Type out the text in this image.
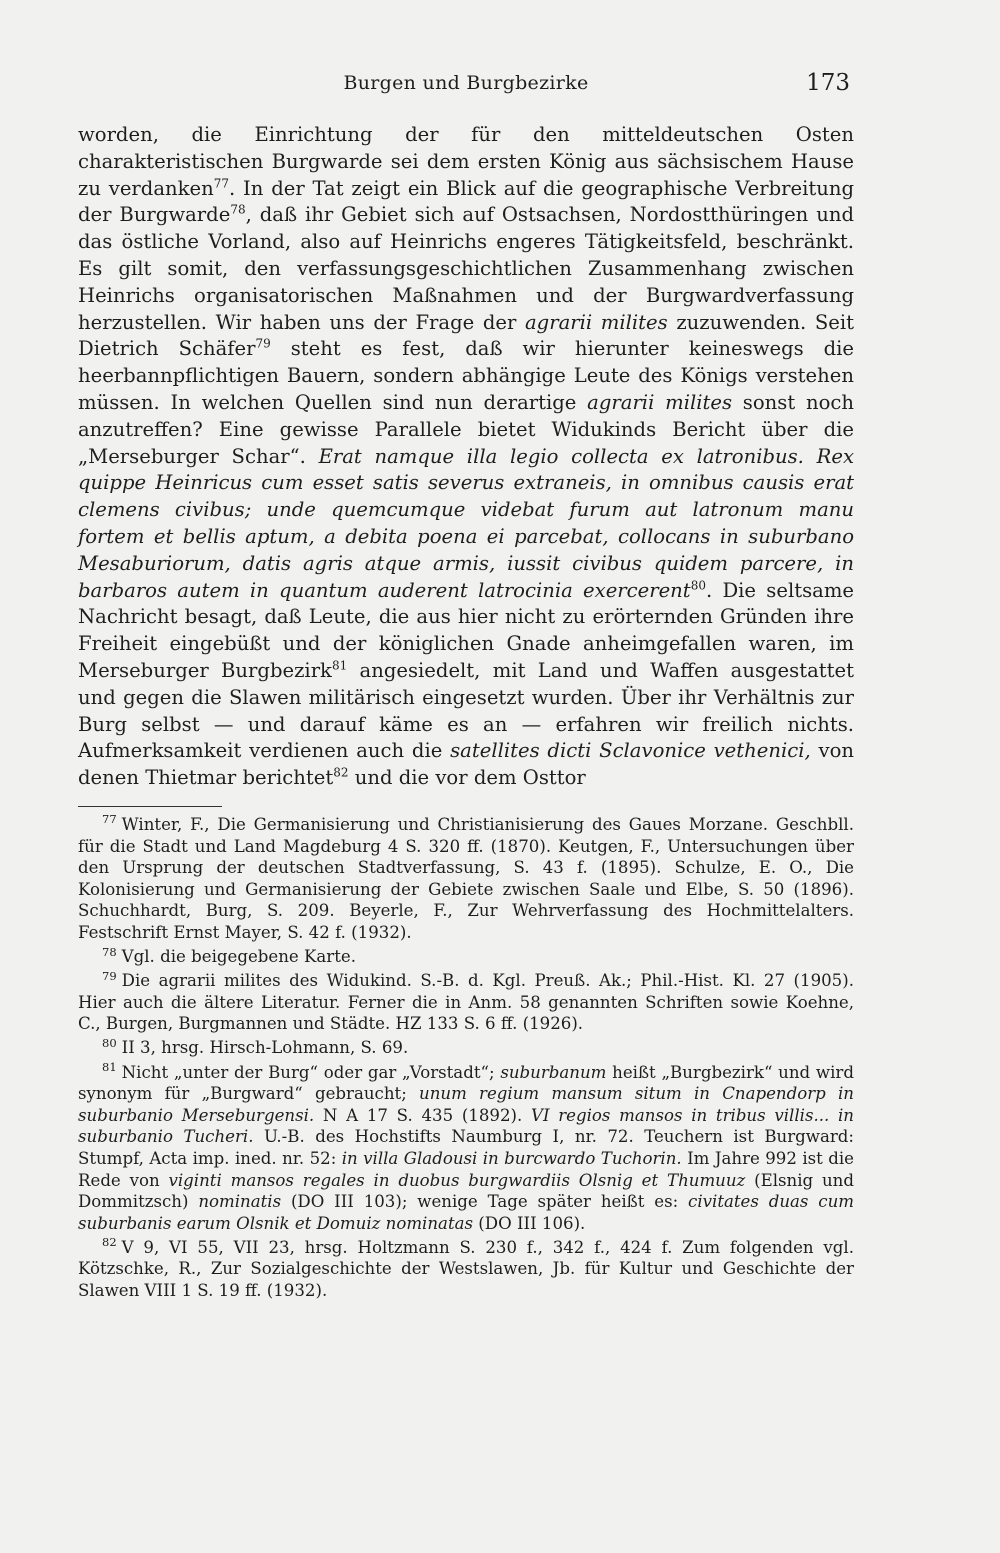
Burgen und Burgbezirke	173

worden, die Einrichtung der für den mitteldeutschen Osten charakteristischen Burgwarde sei dem ersten König aus sächsischem Hause zu verdanken$^{77}$. In der Tat zeigt ein Blick auf die geographische Verbreitung der Burgwarde$^{78}$, daß ihr Gebiet sich auf Ostsachsen, Nordostthüringen und das östliche Vorland, also auf Heinrichs engeres Tätigkeitsfeld, beschränkt. Es gilt somit, den verfassungsgeschichtlichen Zusammenhang zwischen Heinrichs organisatorischen Maßnahmen und der Burgwardverfassung herzustellen. Wir haben uns der Frage der agrarii milites zuzuwenden. Seit Dietrich Schäfer$^{79}$ steht es fest, daß wir hierunter keineswegs die heerbannpflichtigen Bauern, sondern abhängige Leute des Königs verstehen müssen. In welchen Quellen sind nun derartige agrarii milites sonst noch anzutreffen? Eine gewisse Parallele bietet Widukinds Bericht über die „Merseburger Schar“. Erat namque illa legio collecta ex latronibus. Rex quippe Heinricus cum esset satis severus extraneis, in omnibus causis erat clemens civibus; unde quemcumque videbat furum aut latronum manu fortem et bellis aptum, a debita poena ei parcebat, collocans in suburbano Mesaburiorum, datis agris atque armis, iussit civibus quidem parcere, in barbaros autem in quantum auderent latrocinia exercerent$^{80}$. Die seltsame Nachricht besagt, daß Leute, die aus hier nicht zu erörternden Gründen ihre Freiheit eingebüßt und der königlichen Gnade anheimgefallen waren, im Merseburger Burgbezirk$^{81}$ angesiedelt, mit Land und Waffen ausgestattet und gegen die Slawen militärisch eingesetzt wurden. Über ihr Verhältnis zur Burg selbst — und darauf käme es an — erfahren wir freilich nichts. Aufmerksamkeit verdienen auch die satellites dicti Sclavonice vethenici, von denen Thietmar berichtet$^{82}$ und die vor dem Osttor

$^{77}$ Winter, F., Die Germanisierung und Christianisierung des Gaues Morzane. Geschbll. für die Stadt und Land Magdeburg 4 S. 320 ff. (1870). Keutgen, F., Untersuchungen über den Ursprung der deutschen Stadtverfassung, S. 43 f. (1895). Schulze, E. O., Die Kolonisierung und Germanisierung der Gebiete zwischen Saale und Elbe, S. 50 (1896). Schuchhardt, Burg, S. 209. Beyerle, F., Zur Wehrverfassung des Hochmittelalters. Festschrift Ernst Mayer, S. 42 f. (1932).

$^{78}$ Vgl. die beigegebene Karte.

$^{79}$ Die agrarii milites des Widukind. S.-B. d. Kgl. Preuß. Ak.; Phil.-Hist. Kl. 27 (1905). Hier auch die ältere Literatur. Ferner die in Anm. 58 genannten Schriften sowie Koehne, C., Burgen, Burgmannen und Städte. HZ 133 S. 6 ff. (1926).

$^{80}$ II 3, hrsg. Hirsch-Lohmann, S. 69.

$^{81}$ Nicht „unter der Burg“ oder gar „Vorstadt“; suburbanum heißt „Burgbezirk“ und wird synonym für „Burgward“ gebraucht; unum regium mansum situm in Cnapendorp in suburbanio Merseburgensi. N A 17 S. 435 (1892). VI regios mansos in tribus villis... in suburbanio Tucheri. U.-B. des Hochstifts Naumburg I, nr. 72. Teuchern ist Burgward: Stumpf, Acta imp. ined. nr. 52: in villa Gladousi in burcwardo Tuchorin. Im Jahre 992 ist die Rede von viginti mansos regales in duobus burgwardiis Olsnig et Thumuuz (Elsnig und Dommitzsch) nominatis (DO III 103); wenige Tage später heißt es: civitates duas cum suburbanis earum Olsnik et Domuiz nominatas (DO III 106).

$^{82}$ V 9, VI 55, VII 23, hrsg. Holtzmann S. 230 f., 342 f., 424 f. Zum folgenden vgl. Kötzschke, R., Zur Sozialgeschichte der Westslawen, Jb. für Kultur und Geschichte der Slawen VIII 1 S. 19 ff. (1932).
